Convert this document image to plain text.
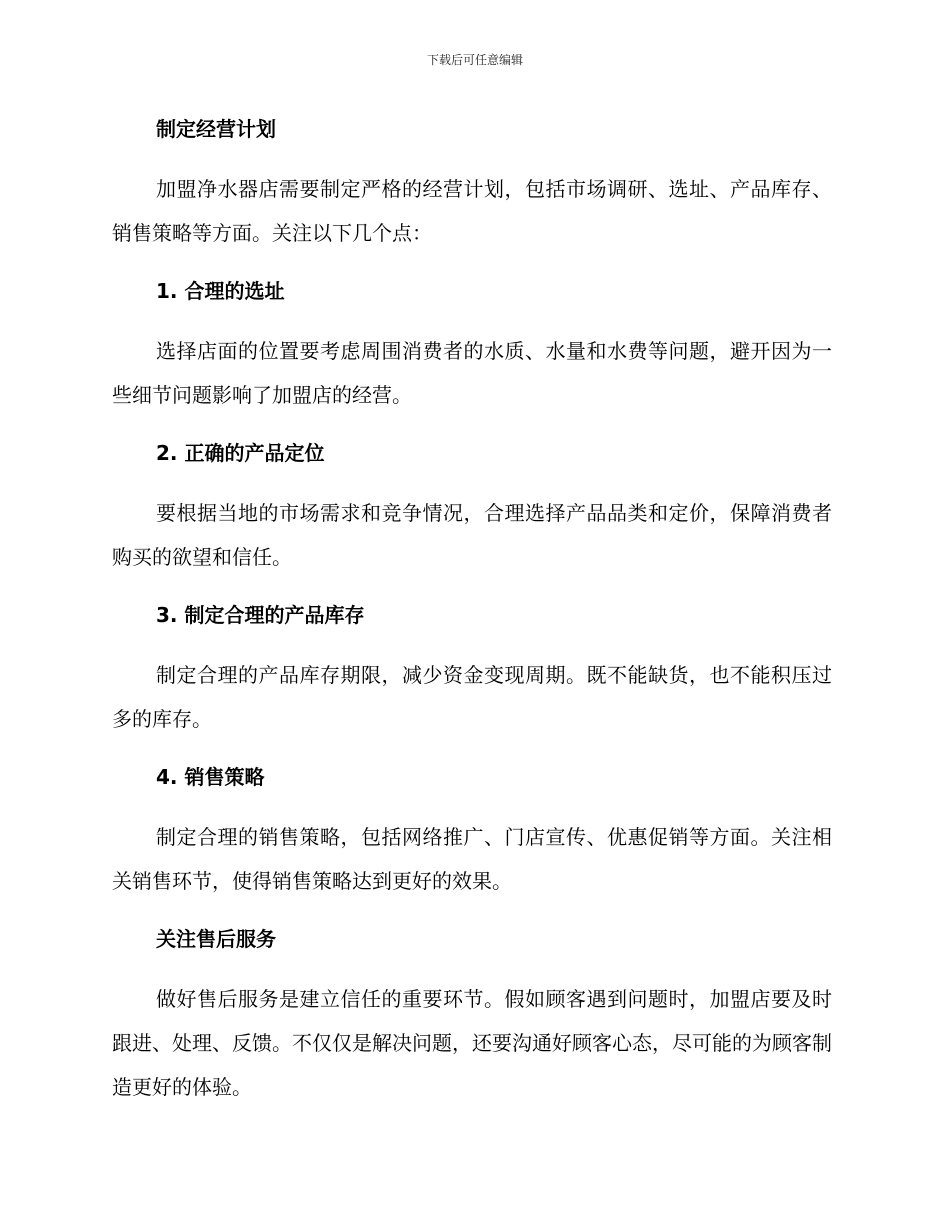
下载后可任意编辑
制定经营计划

加盟净水器店需要制定严格的经营计划，包括市场调研、选址、产品库存、销售策略等方面。关注以下几个点：

1. 合理的选址

选择店面的位置要考虑周围消费者的水质、水量和水费等问题，避开因为一些细节问题影响了加盟店的经营。

2. 正确的产品定位

要根据当地的市场需求和竞争情况，合理选择产品品类和定价，保障消费者购买的欲望和信任。

3. 制定合理的产品库存

制定合理的产品库存期限，减少资金变现周期。既不能缺货，也不能积压过多的库存。

4. 销售策略

制定合理的销售策略，包括网络推广、门店宣传、优惠促销等方面。关注相关销售环节，使得销售策略达到更好的效果。

关注售后服务

做好售后服务是建立信任的重要环节。假如顾客遇到问题时，加盟店要及时跟进、处理、反馈。不仅仅是解决问题，还要沟通好顾客心态，尽可能的为顾客制造更好的体验。
